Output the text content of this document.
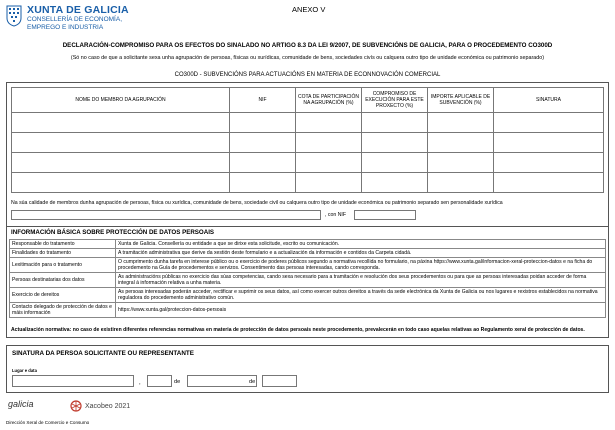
XUNTA DE GALICIA
CONSELLERÍA DE ECONOMÍA,
EMPREGO E INDUSTRIA
ANEXO V
DECLARACIÓN-COMPROMISO PARA OS EFECTOS DO SINALADO NO ARTIGO 8.3 DA LEI 9/2007, DE SUBVENCIÓNS DE GALICIA, PARA O PROCEDEMENTO CO300D
(Só no caso de que a solicitante sexa unha agrupación de persoas, físicas ou xurídicas, comunidade de bens, sociedades civís ou calquera outro tipo de unidade económica ou patrimonio separado)
CO300D - SUBVENCIÓNS PARA ACTUACIÓNS EN MATERIA DE ECONNOVACIÓN COMERCIAL
NOME DO MEMBRO DA AGRUPACIÓN	NIF	COTA DE PARTICIPACIÓN NA AGRUPACIÓN (%)	COMPROMISO DE EXECUCIÓN PARA ESTE PROXECTO (%)	IMPORTE APLICABLE DE SUBVENCIÓN (%)	SINATURA

Na súa calidade de membros dunha agrupación de persoas, física ou xurídica, comunidade de bens, sociedade civil ou calquera outro tipo de unidade económica ou patrimonio separado sen personalidade xurídica
, con NIF
INFORMACIÓN BÁSICA SOBRE PROTECCIÓN DE DATOS PERSOAIS
Responsable do tratamento	Xunta de Galicia. Consellería ou entidade a que se dirixe esta solicitude, escrito ou comunicación.
Finalidades do tratamento	A tramitación administrativa que derive da xestión deste formulario e a actualización da información e contidos da Carpeta cidadá.
Lexitimación para o tratamento	O cumprimento dunha tarefa en interese público ou o exercicio de poderes públicos segundo a normativa recollida no formulario, na páxina https://www.xunta.gal/informacion-xeral-proteccion-datos e na ficha do procedemento na Guía de procedementos e servizos. Consentimento das persoas interesadas, cando corresponda.
Persoas destinatarias dos datos	As administracións públicas no exercicio das súas competencias, cando sexa necesario para a tramitación e resolución dos seus procedementos ou para que as persoas interesadas poidan acceder de forma integral á información relativa a unha materia.
Exercicio de dereitos	As persoas interesadas poderán acceder, rectificar e suprimir os seus datos, así como exercer outros dereitos a través da sede electrónica da Xunta de Galicia ou nos lugares e rexistros establecidos na normativa reguladora do procedemento administrativo común.
Contacto delegado de protección de datos e máis información	https://www.xunta.gal/proteccion-datos-persoais
Actualización normativa: no caso de existiren diferentes referencias normativas en materia de protección de datos persoais neste procedemento, prevalecerán en todo caso aquelas relativas ao Regulamento xeral de protección de datos.
SINATURA DA PERSOA SOLICITANTE OU REPRESENTANTE
Lugar e data
,	de	de
galicia	Xacobeo 2021
Dirección Xeral de Comercio e Consumo
